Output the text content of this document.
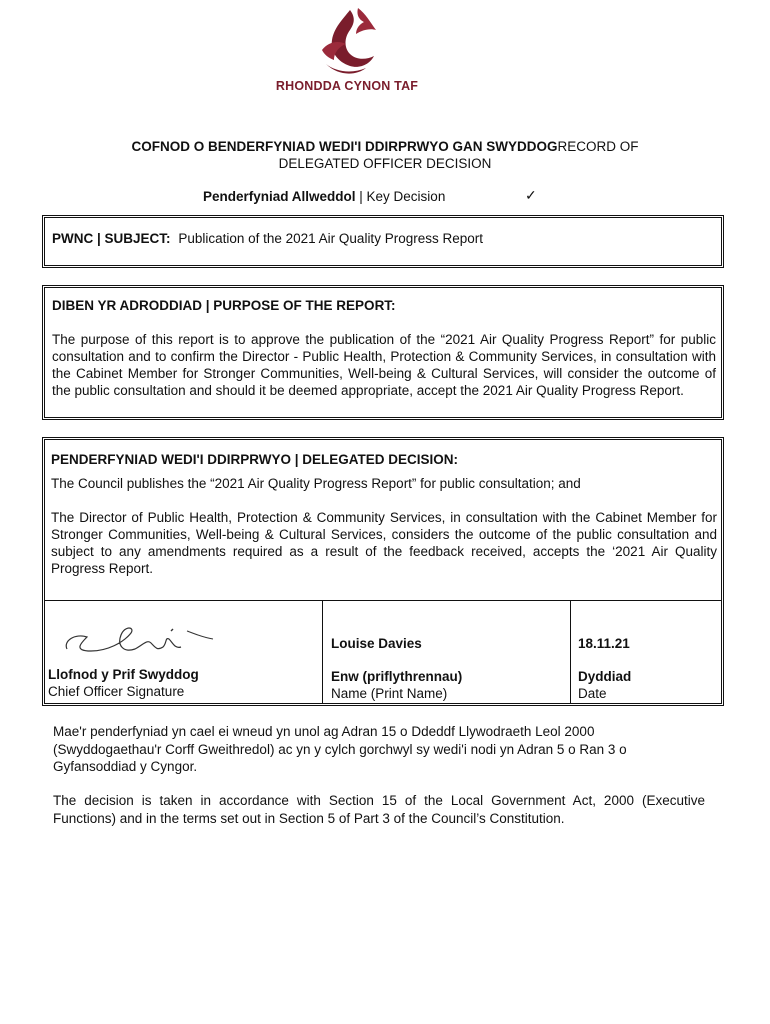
RHONDDA CYNON TAF
COFNOD O BENDERFYNIAD WEDI'I DDIRPRWYO GAN SWYDDOGRECORD OF
DELEGATED OFFICER DECISION
Penderfyniad Allweddol | Key Decision	✓
PWNC | SUBJECT: Publication of the 2021 Air Quality Progress Report
DIBEN YR ADRODDIAD | PURPOSE OF THE REPORT:
The purpose of this report is to approve the publication of the “2021 Air Quality Progress Report” for public consultation and to confirm the Director - Public Health, Protection & Community Services, in consultation with the Cabinet Member for Stronger Communities, Well-being & Cultural Services, will consider the outcome of the public consultation and should it be deemed appropriate, accept the 2021 Air Quality Progress Report.
PENDERFYNIAD WEDI'I DDIRPRWYO | DELEGATED DECISION:
The Council publishes the “2021 Air Quality Progress Report” for public consultation; and
The Director of Public Health, Protection & Community Services, in consultation with the Cabinet Member for Stronger Communities, Well-being & Cultural Services, considers the outcome of the public consultation and subject to any amendments required as a result of the feedback received, accepts the ‘2021 Air Quality Progress Report.
Llofnod y Prif Swyddog
Chief Officer Signature
Louise Davies
Enw (priflythrennau)
Name (Print Name)
18.11.21
Dyddiad
Date
Mae'r penderfyniad yn cael ei wneud yn unol ag Adran 15 o Ddeddf Llywodraeth Leol 2000 (Swyddogaethau'r Corff Gweithredol) ac yn y cylch gorchwyl sy wedi'i nodi yn Adran 5 o Ran 3 o Gyfansoddiad y Cyngor.
The decision is taken in accordance with Section 15 of the Local Government Act, 2000 (Executive Functions) and in the terms set out in Section 5 of Part 3 of the Council’s Constitution.
